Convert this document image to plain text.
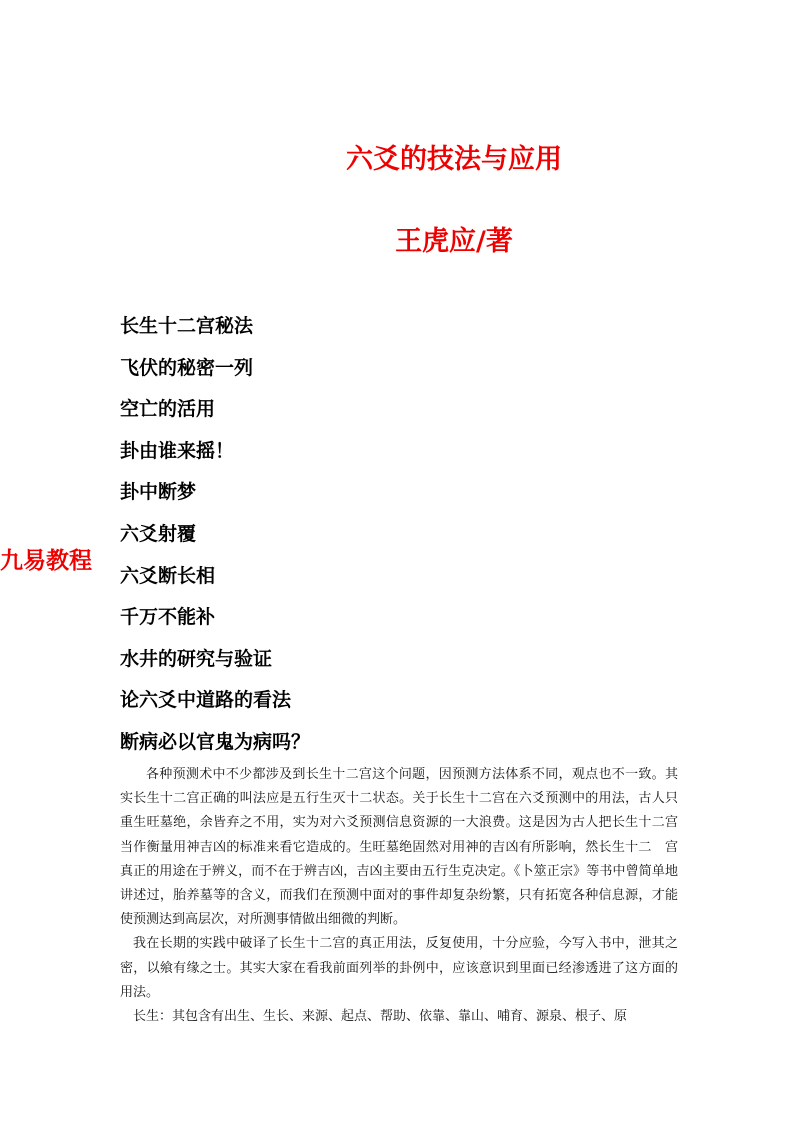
六爻的技法与应用
王虎应/著
九易教程
长生十二宫秘法
飞伏的秘密一列
空亡的活用
卦由谁来摇！
卦中断梦
六爻射覆
六爻断长相
千万不能补
水井的研究与验证
论六爻中道路的看法
断病必以官鬼为病吗？

各种预测术中不少都涉及到长生十二宫这个问题，因预测方法体系不同，观点也不一致。其实长生十二宫正确的叫法应是五行生灭十二状态。关于长生十二宫在六爻预测中的用法，古人只重生旺墓绝，余皆弃之不用，实为对六爻预测信息资源的一大浪费。这是因为古人把长生十二宫当作衡量用神吉凶的标准来看它造成的。生旺墓绝固然对用神的吉凶有所影响，然长生十二　宫真正的用途在于辨义，而不在于辨吉凶，吉凶主要由五行生克决定。《卜筮正宗》等书中曾简单地讲述过，胎养墓等的含义，而我们在预测中面对的事件却复杂纷繁，只有拓宽各种信息源，才能使预测达到高层次，对所测事情做出细微的判断。

我在长期的实践中破译了长生十二宫的真正用法，反复使用，十分应验，今写入书中，泄其之密，以飨有缘之士。其实大家在看我前面列举的卦例中，应该意识到里面已经渗透进了这方面的用法。

长生：其包含有出生、生长、来源、起点、帮助、依靠、靠山、哺育、源泉、根子、原
